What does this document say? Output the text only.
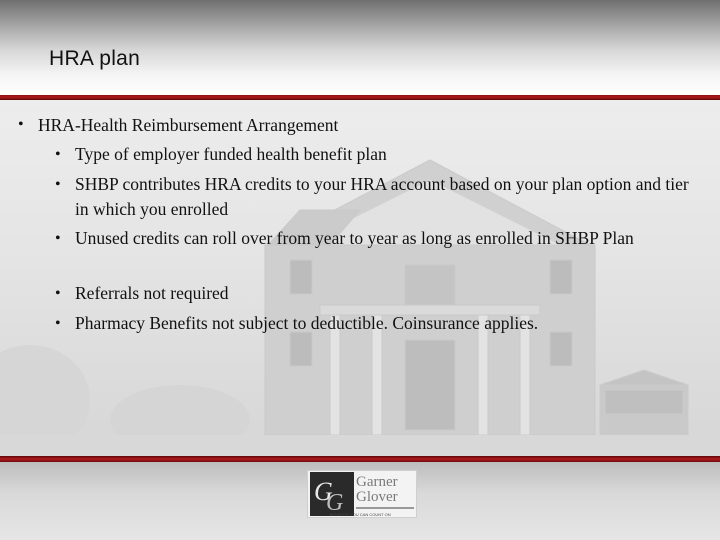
HRA plan
• HRA-Health Reimbursement Arrangement
• Type of employer funded health benefit plan
• SHBP contributes HRA credits to your HRA account based on your plan option and tier in which you enrolled
• Unused credits can roll over from year to year as long as enrolled in SHBP Plan
• Referrals not required
• Pharmacy Benefits not subject to deductible. Coinsurance applies.
G
G
Garner
Glover
BENEFITS YOU CAN COUNT ON
